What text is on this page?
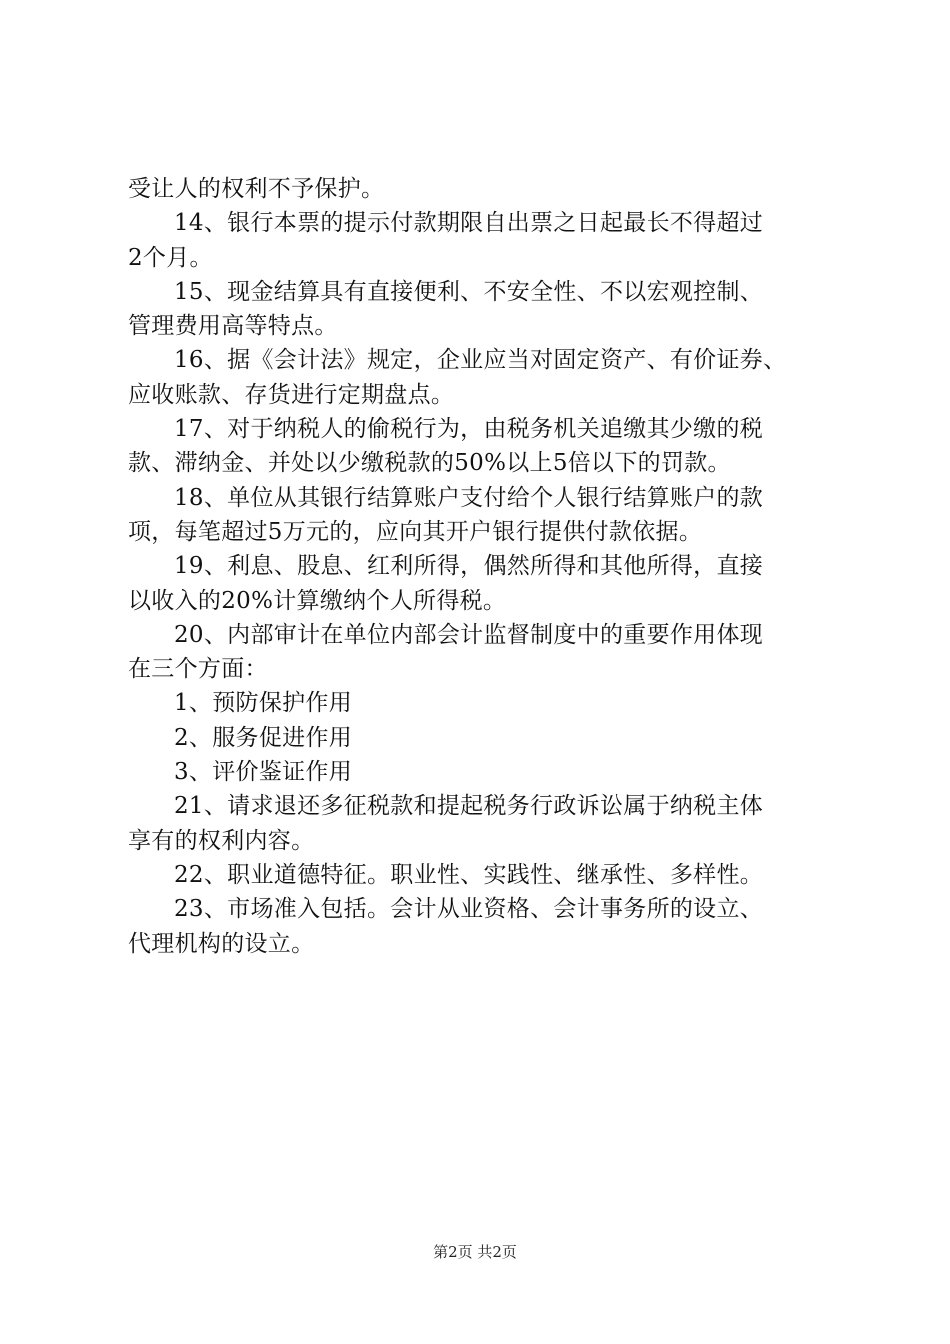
受让人的权利不予保护。
14、银行本票的提示付款期限自出票之日起最长不得超过
2个月。
15、现金结算具有直接便利、不安全性、不以宏观控制、
管理费用高等特点。
16、据《会计法》规定，企业应当对固定资产、有价证券、
应收账款、存货进行定期盘点。
17、对于纳税人的偷税行为，由税务机关追缴其少缴的税
款、滞纳金、并处以少缴税款的50%以上5倍以下的罚款。
18、单位从其银行结算账户支付给个人银行结算账户的款
项，每笔超过5万元的，应向其开户银行提供付款依据。
19、利息、股息、红利所得，偶然所得和其他所得，直接
以收入的20%计算缴纳个人所得税。
20、内部审计在单位内部会计监督制度中的重要作用体现
在三个方面：
1、预防保护作用
2、服务促进作用
3、评价鉴证作用
21、请求退还多征税款和提起税务行政诉讼属于纳税主体
享有的权利内容。
22、职业道德特征。职业性、实践性、继承性、多样性。
23、市场准入包括。会计从业资格、会计事务所的设立、
代理机构的设立。
第2页 共2页
